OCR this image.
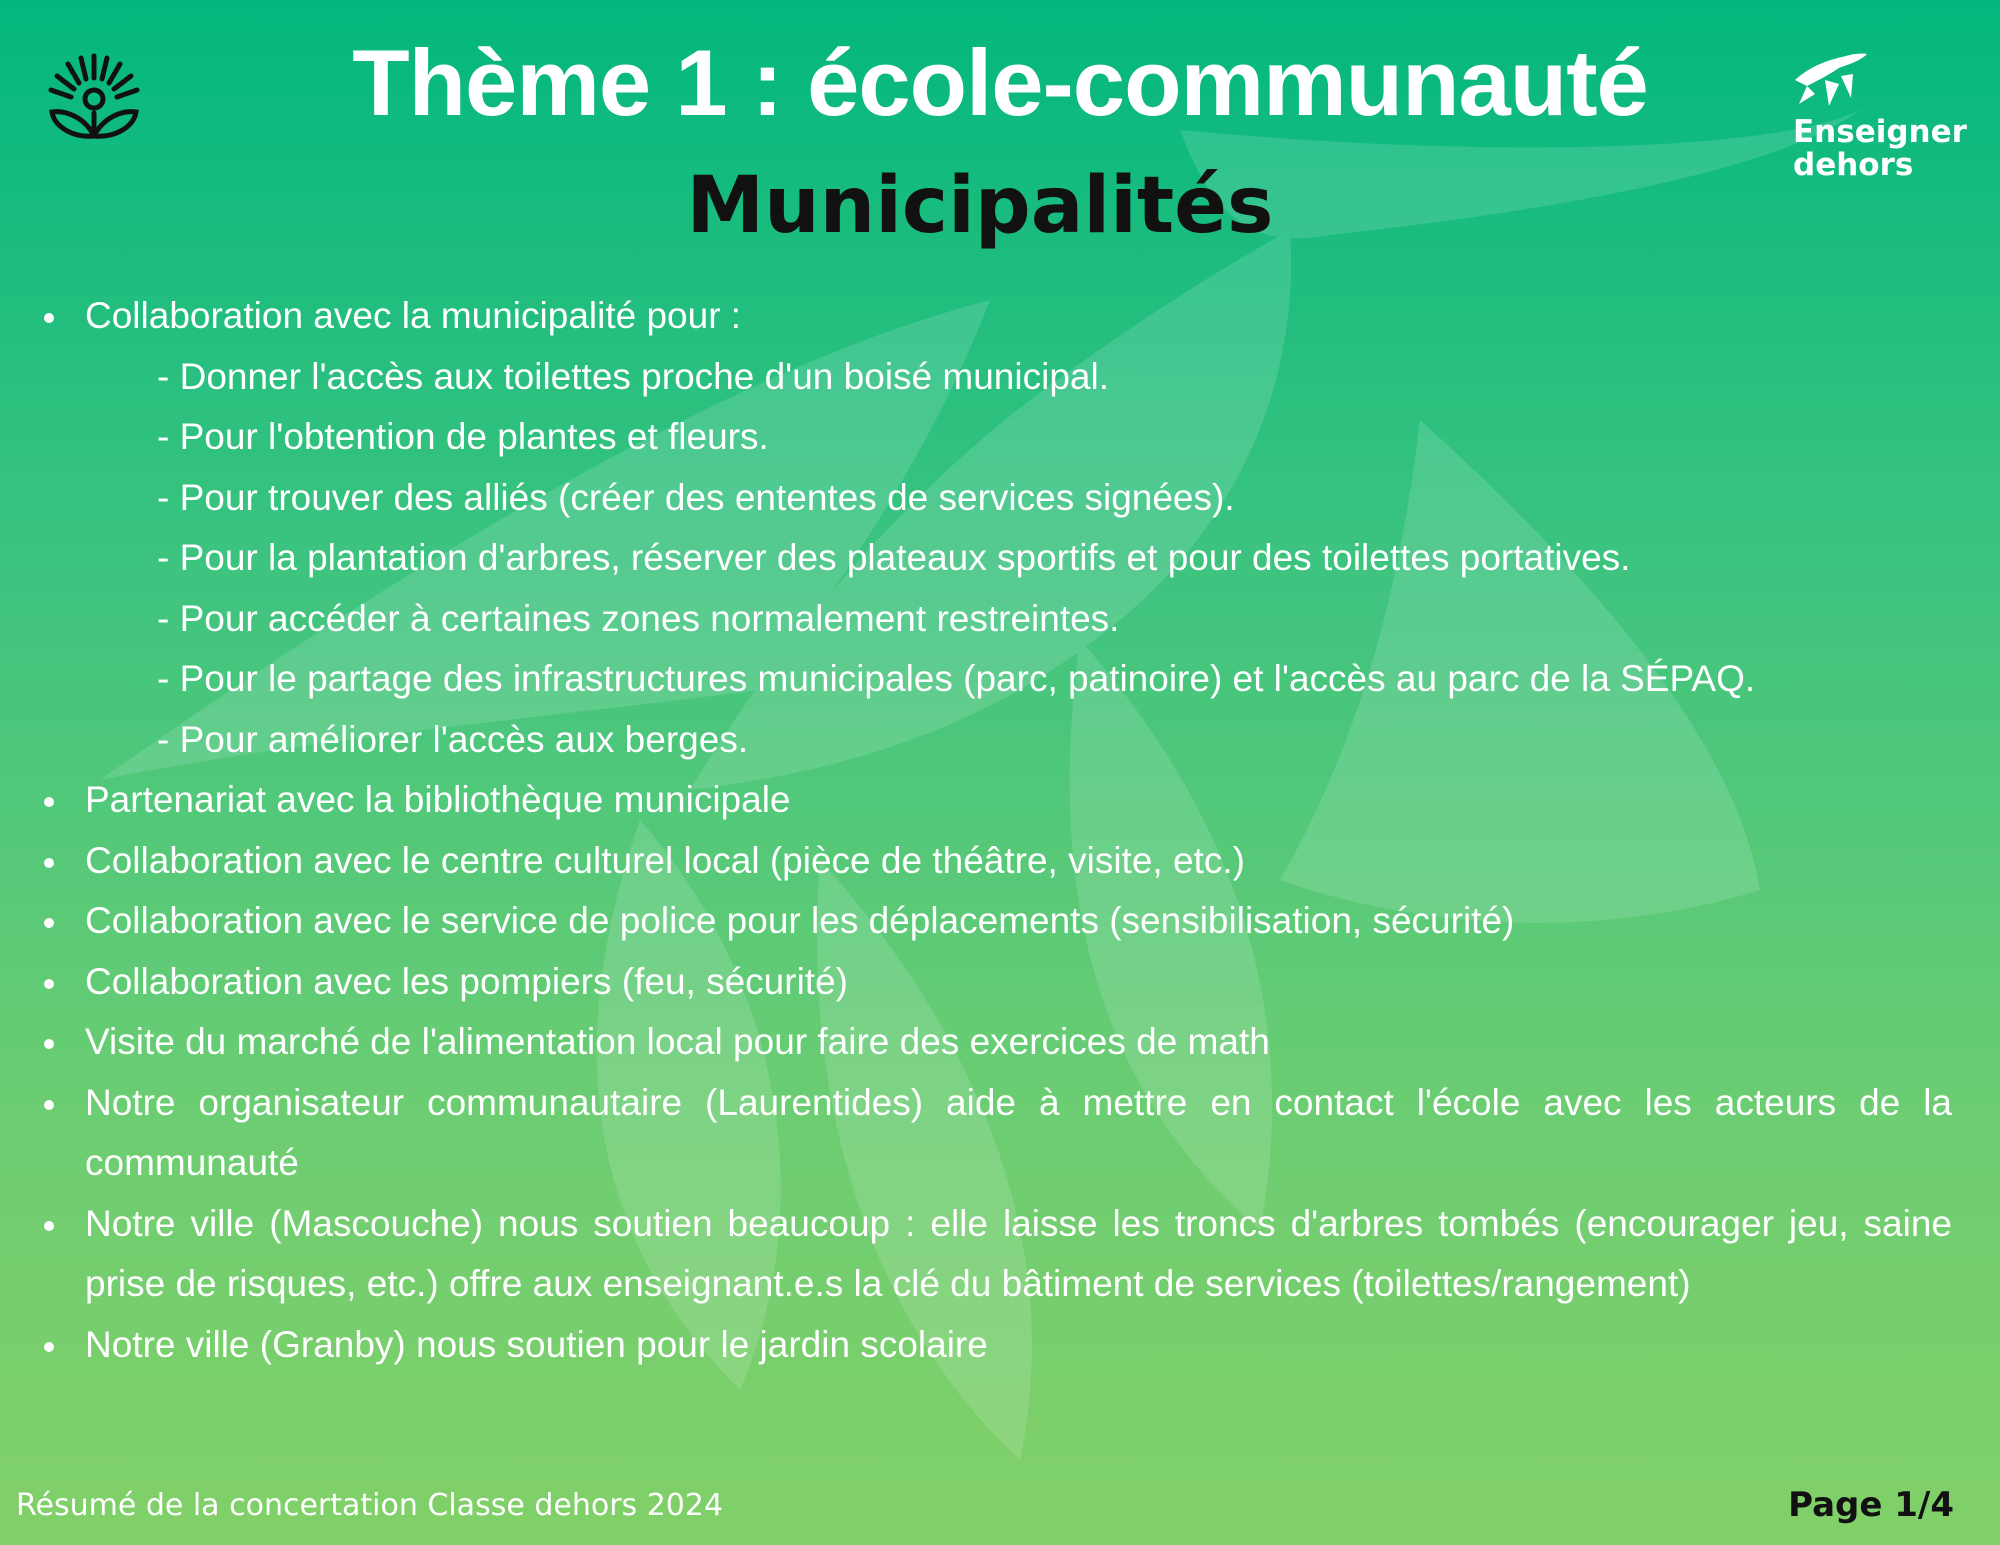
Enseigner
dehors
Thème 1 : école-communauté
Municipalités
Collaboration avec la municipalité pour :
- Donner l'accès aux toilettes proche d'un boisé municipal.
- Pour l'obtention de plantes et fleurs.
- Pour trouver des alliés (créer des ententes de services signées).
- Pour la plantation d'arbres, réserver des plateaux sportifs et pour des toilettes portatives.
- Pour accéder à certaines zones normalement restreintes.
- Pour le partage des infrastructures municipales (parc, patinoire) et l'accès au parc de la SÉPAQ.
- Pour améliorer l'accès aux berges.
Partenariat avec la bibliothèque municipale
Collaboration avec le centre culturel local (pièce de théâtre, visite, etc.)
Collaboration avec le service de police pour les déplacements (sensibilisation, sécurité)
Collaboration avec les pompiers (feu, sécurité)
Visite du marché de l'alimentation local pour faire des exercices de math
Notre organisateur communautaire (Laurentides) aide à mettre en contact l'école avec les acteurs de la communauté
Notre ville (Mascouche) nous soutien beaucoup : elle laisse les troncs d'arbres tombés (encourager jeu, saine prise de risques, etc.) offre aux enseignant.e.s la clé du bâtiment de services (toilettes/rangement)
Notre ville (Granby) nous soutien pour le jardin scolaire
Résumé de la concertation Classe dehors 2024	Page 1/4
